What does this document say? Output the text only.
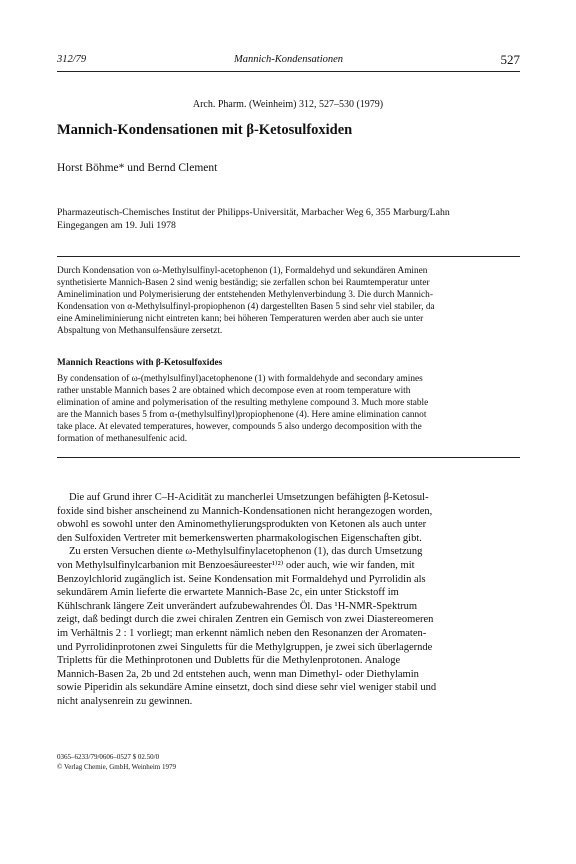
312/79	Mannich-Kondensationen	527
Arch. Pharm. (Weinheim) 312, 527–530 (1979)
Mannich-Kondensationen mit β-Ketosulfoxiden
Horst Böhme* und Bernd Clement
Pharmazeutisch-Chemisches Institut der Philipps-Universität, Marbacher Weg 6, 355 Marburg/Lahn
Eingegangen am 19. Juli 1978
Durch Kondensation von ω-Methylsulfinyl-acetophenon (1), Formaldehyd und sekundären Aminen
synthetisierte Mannich-Basen 2 sind wenig beständig; sie zerfallen schon bei Raumtemperatur unter
Aminelimination und Polymerisierung der entstehenden Methylenverbindung 3. Die durch Mannich-
Kondensation von α-Methylsulfinyl-propiophenon (4) dargestellten Basen 5 sind sehr viel stabiler, da
eine Amineliminierung nicht eintreten kann; bei höheren Temperaturen werden aber auch sie unter
Abspaltung von Methansulfensäure zersetzt.
Mannich Reactions with β-Ketosulfoxides
By condensation of ω-(methylsulfinyl)acetophenone (1) with formaldehyde and secondary amines
rather unstable Mannich bases 2 are obtained which decompose even at room temperature with
elimination of amine and polymerisation of the resulting methylene compound 3. Much more stable
are the Mannich bases 5 from α-(methylsulfinyl)propiophenone (4). Here amine elimination cannot
take place. At elevated temperatures, however, compounds 5 also undergo decomposition with the
formation of methanesulfenic acid.
Die auf Grund ihrer C–H-Acidität zu mancherlei Umsetzungen befähigten β-Ketosul-
foxide sind bisher anscheinend zu Mannich-Kondensationen nicht herangezogen worden,
obwohl es sowohl unter den Aminomethylierungsprodukten von Ketonen als auch unter
den Sulfoxiden Vertreter mit bemerkenswerten pharmakologischen Eigenschaften gibt.
Zu ersten Versuchen diente ω-Methylsulfinylacetophenon (1), das durch Umsetzung
von Methylsulfinylcarbanion mit Benzoesäureester¹⁾²⁾ oder auch, wie wir fanden, mit
Benzoylchlorid zugänglich ist. Seine Kondensation mit Formaldehyd und Pyrrolidin als
sekundärem Amin lieferte die erwartete Mannich-Base 2c, ein unter Stickstoff im
Kühlschrank längere Zeit unverändert aufzubewahrendes Öl. Das ¹H-NMR-Spektrum
zeigt, daß bedingt durch die zwei chiralen Zentren ein Gemisch von zwei Diastereomeren
im Verhältnis 2 : 1 vorliegt; man erkennt nämlich neben den Resonanzen der Aromaten-
und Pyrrolidinprotonen zwei Singuletts für die Methylgruppen, je zwei sich überlagernde
Tripletts für die Methinprotonen und Dubletts für die Methylenprotonen. Analoge
Mannich-Basen 2a, 2b und 2d entstehen auch, wenn man Dimethyl- oder Diethylamin
sowie Piperidin als sekundäre Amine einsetzt, doch sind diese sehr viel weniger stabil und
nicht analysenrein zu gewinnen.
0365–6233/79/0606–0527 $ 02.50/0
© Verlag Chemie, GmbH, Weinheim 1979
